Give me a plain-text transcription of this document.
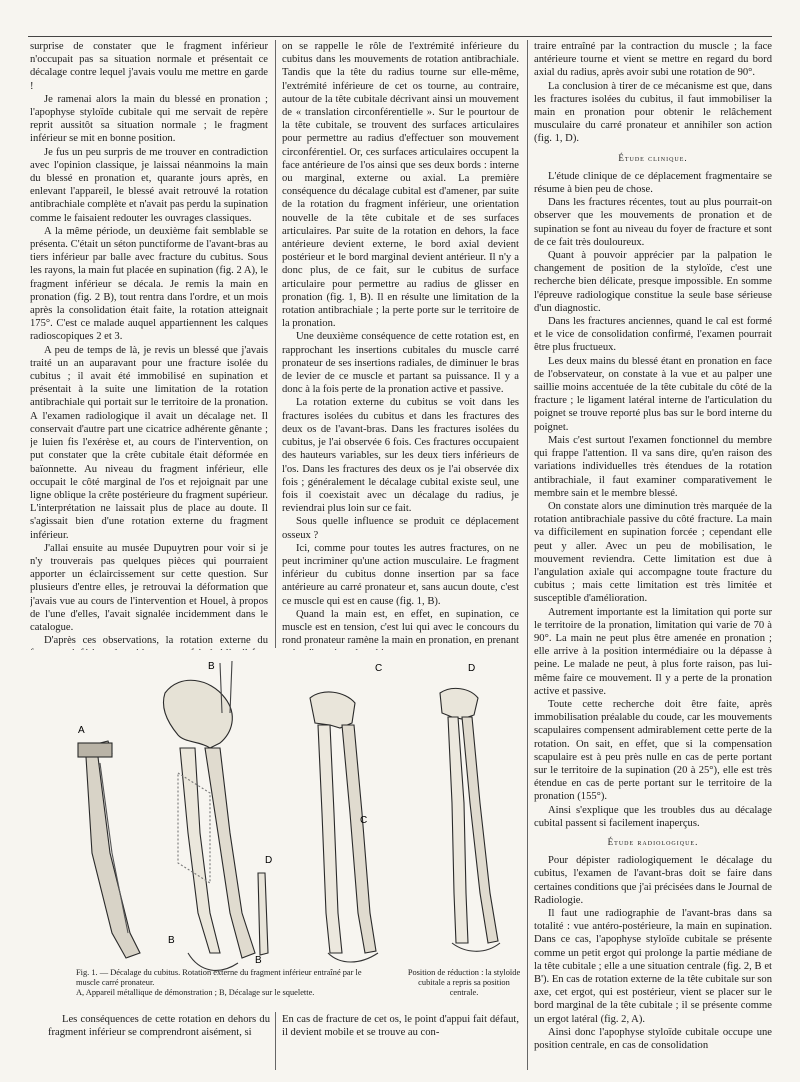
surprise de constater que le fragment inférieur n'occupait pas sa situation normale et présentait ce décalage contre lequel j'avais voulu me mettre en garde !

Je ramenai alors la main du blessé en pronation ; l'apophyse styloïde cubitale qui me servait de repère reprit aussitôt sa situation normale ; le fragment inférieur se mit en bonne position.

Je fus un peu surpris de me trouver en contradiction avec l'opinion classique, je laissai néanmoins la main du blessé en pronation et, quarante jours après, en enlevant l'appareil, le blessé avait retrouvé la rotation antibrachiale complète et n'avait pas perdu la supination comme le faisaient redouter les ouvrages classiques.

A la même période, un deuxième fait semblable se présenta. C'était un séton punctiforme de l'avant-bras au tiers inférieur par balle avec fracture du cubitus. Sous les rayons, la main fut placée en supination (fig. 2 A), le fragment inférieur se décala. Je remis la main en pronation (fig. 2 B), tout rentra dans l'ordre, et un mois après la consolidation était faite, la rotation atteignait 175°. C'est ce malade auquel appartiennent les calques radioscopiques 2 et 3.

A peu de temps de là, je revis un blessé que j'avais traité un an auparavant pour une fracture isolée du cubitus ; il avait été immobilisé en supination et présentait à la suite une limitation de la rotation antibrachiale qui portait sur le territoire de la pronation. A l'examen radiologique il avait un décalage net. Il conservait d'autre part une cicatrice adhérente gênante ; je luien fis l'exérèse et, au cours de l'intervention, on put constater que la crête cubitale était déformée en baïonnette. Au niveau du fragment inférieur, elle occupait le côté marginal de l'os et rejoignait par une ligne oblique la crête postérieure du fragment supérieur. L'interprétation ne laissait plus de place au doute. Il s'agissait bien d'une rotation externe du fragment inférieur.

J'allai ensuite au musée Dupuytren pour voir si je n'y trouverais pas quelques pièces qui pourraient apporter un éclaircissement sur cette question. Sur plusieurs d'entre elles, je retrouvai la déformation que j'avais vue au cours de l'intervention et Houel, à propos de l'une d'elles, l'avait signalée incidemment dans le catalogue.

D'après ces observations, la rotation externe du

on se rappelle le rôle de l'extrémité inférieure du cubitus dans les mouvements de rotation antibrachiale. Tandis que la tête du radius tourne sur elle-même, l'extrémité inférieure de cet os tourne, au contraire, autour de la tête cubitale décrivant ainsi un mouvement de « translation circonférentielle ». Sur le pourtour de la tête cubitale, se trouvent des surfaces articulaires pour permettre au radius d'effectuer son mouvement circonférentiel. Or, ces surfaces articulaires occupent la face antérieure de l'os ainsi que ses deux bords : interne ou marginal, externe ou axial. La première conséquence du décalage cubital est d'amener, par suite de la rotation du fragment inférieur, une orientation nouvelle de la tête cubitale et de ses surfaces articulaires. Par suite de la rotation en dehors, la face antérieure devient externe, le bord axial devient postérieur et le bord marginal devient antérieur. Il n'y a donc plus, de ce fait, sur le cubitus de surface articulaire pour permettre au radius de glisser en pronation (fig. 1, B). Il en résulte une limitation de la rotation antibrachiale ; la perte porte sur le territoire de la pronation.

Une deuxième conséquence de cette rotation est, en rapprochant les insertions cubitales du muscle carré pronateur de ses insertions radiales, de diminuer le bras de levier de ce muscle et partant sa puissance. Il y a donc à la fois perte de la pronation active et passive.

La rotation externe du cubitus se voit dans les fractures isolées du cubitus et dans les fractures des deux os de l'avant-bras. Dans les fractures isolées du cubitus, je l'ai observée 6 fois. Ces fractures occupaient des hauteurs variables, sur les deux tiers inférieurs de l'os. Dans les fractures des deux os je l'ai observée dix fois ; généralement le décalage cubital existe seul, une fois il coexistait avec un décalage du radius, je reviendrai plus loin sur ce fait.

Sous quelle influence se produit ce déplacement osseux ?

Ici, comme pour toutes les autres fractures, on ne peut incriminer qu'une action musculaire. Le fragment inférieur du cubitus donne insertion par sa face antérieure au carré pronateur et, sans aucun doute, c'est ce muscle qui est en cause (fig. 1, B).

Quand la main est, en effet, en supination, ce muscle est en tension, c'est lui qui avec le concours du rond pronateur ramène la main en pronation, en prenant

traire entraîné par la contraction du muscle ; la face antérieure tourne et vient se mettre en regard du bord axial du radius, après avoir subi une rotation de 90°.

La conclusion à tirer de ce mécanisme est que, dans les fractures isolées du cubitus, il faut immobiliser la main en pronation pour obtenir le relâchement musculaire du carré pronateur et annihiler son action (fig. 1, D).

Étude clinique.

L'étude clinique de ce déplacement fragmentaire se résume à bien peu de chose.

Dans les fractures récentes, tout au plus pourrait-on observer que les mouvements de pronation et de supination se font au niveau du foyer de fracture et sont de ce fait très douloureux.

Quant à pouvoir apprécier par la palpation le changement de position de la styloïde, c'est une recherche bien délicate, presque impossible. En somme l'épreuve radiologique constitue la seule base sérieuse d'un diagnostic.

Dans les fractures anciennes, quand le cal est formé et le vice de consolidation confirmé, l'examen pourrait être plus fructueux.

Les deux mains du blessé étant en pronation en face de l'observateur, on constate à la vue et au palper une saillie moins accentuée de la tête cubitale du côté de la fracture ; le ligament latéral interne de l'articulation du poignet se trouve reporté plus bas sur le bord interne du poignet.

Mais c'est surtout l'examen fonctionnel du membre qui frappe l'attention. Il va sans dire, qu'en raison des variations individuelles très étendues de la rotation antibrachiale, il faut examiner comparativement le membre sain et le membre blessé.

On constate alors une diminution très marquée de la rotation antibrachiale passive du côté fracture. La main va difficilement en supination forcée ; cependant elle peut y aller. Avec un peu de mobilisation, le mouvement reviendra. Cette limitation est due à l'angulation axiale qui accompagne toute fracture du cubitus ; mais cette limitation est très limitée et susceptible d'amélioration.

Autrement importante est la limitation qui porte sur le territoire de la pronation, limitation qui varie de 70 à 90°. La main ne peut plus être amenée en pronation ; elle arrive à la position intermédiaire ou la dépasse à peine. Le malade ne peut, à plus forte raison, pas lui-même faire ce mouvement. Il y a perte de la pronation active et passive.

Toute cette recherche doit être faite, après immobilisation préalable du coude, car les mouvements scapulaires compensent admirablement cette perte de la rotation. On sait, en effet, que si la compensation scapulaire est à peu près nulle en cas de perte portant sur le territoire de la supination (20 à 25°), elle est très étendue en cas de perte portant sur le territoire de la pronation (155°).

Ainsi s'explique que les troubles dus au décalage cubital passent si facilement inaperçus.

Étude radiologique.

Pour dépister radiologiquement le décalage du cubitus, l'examen de l'avant-bras doit se faire dans certaines conditions que j'ai précisées dans le Journal de Radiologie.

Il faut une radiographie de l'avant-bras dans sa totalité : vue antéro-postérieure, la main en supination. Dans ce cas, l'apophyse styloïde cubitale se présente comme un petit ergot qui prolonge la partie médiane de la tête cubitale ; elle a une situation centrale (fig. 2, B et B'). En cas de rotation externe de la tête cubitale sur son axe, cet ergot, qui est postérieur, vient se placer sur le bord marginal de la tête cubitale ; il se présente comme un ergot latéral (fig. 2, A).

Ainsi donc l'apophyse styloïde cubitale occupe une position centrale, en cas de consolidation

A
B	C	D
C
B
B
D
Fig. 1. — Décalage du cubitus. Rotation externe du fragment inférieur entraîné par le muscle carré pronateur.
A, Appareil métallique de démonstration ; B, Décalage sur le squelette.
Position de réduction : la styloïde cubitale a repris sa position centrale.
Les conséquences de cette rotation en dehors du fragment inférieur se comprendront aisément, si
En cas de fracture de cet os, le point d'appui fait défaut, il devient mobile et se trouve au con-
